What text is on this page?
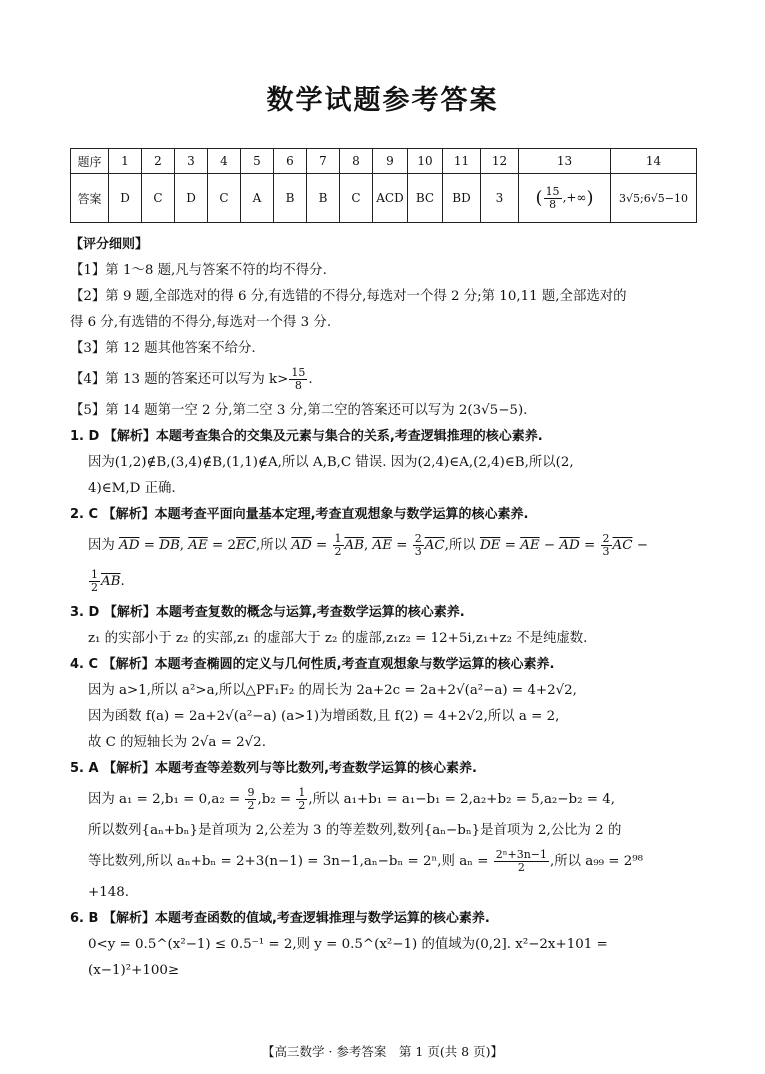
数学试题参考答案
题序	1	2	3	4	5	6	7	8	9	10	11	12	13	14
答案	D	C	D	C	A	B	B	C	ACD	BC	BD	3	( $\frac{15}{8}$ ,+∞)	3√5;6√5−10

【评分细则】

【1】第 1～8 题,凡与答案不符的均不得分.

【2】第 9 题,全部选对的得 6 分,有选错的不得分,每选对一个得 2 分;第 10,11 题,全部选对的

得 6 分,有选错的不得分,每选对一个得 3 分.

【3】第 12 题其他答案不给分.

【4】第 13 题的答案还可以写为 $k> \frac{15}{8}$ .

【5】第 14 题第一空 2 分,第二空 3 分,第二空的答案还可以写为 2(3√5−5).

1. D 【解析】本题考查集合的交集及元素与集合的关系,考查逻辑推理的核心素养.

因为(1,2)∉B,(3,4)∉B,(1,1)∉A,所以 A,B,C 错误. 因为(2,4)∈A,(2,4)∈B,所以(2,

4)∈M,D 正确.

2. C 【解析】本题考查平面向量基本定理,考查直观想象与数学运算的核心素养.

因为 $\overline{AD} = \overline{DB}$, $\overline{AE} = 2\overline{EC}$,所以 $\overline{AD} = \frac{1}{2} \overline{AB}$, $\overline{AE} = \frac{2}{3} \overline{AC}$,所以 $\overline{DE} = \overline{AE} - \overline{AD} = \frac{2}{3} \overline{AC}$ −

$\frac{1}{2} \overline{AB}$.

3. D 【解析】本题考查复数的概念与运算,考查数学运算的核心素养.

z₁ 的实部小于 z₂ 的实部,z₁ 的虚部大于 z₂ 的虚部,z₁z₂ = 12+5i,z₁+z₂ 不是纯虚数.

4. C 【解析】本题考查椭圆的定义与几何性质,考查直观想象与数学运算的核心素养.

因为 a>1,所以 a²>a,所以△PF₁F₂ 的周长为 2a+2c = 2a+2√(a²−a) = 4+2√2,

因为函数 f(a) = 2a+2√(a²−a) (a>1)为增函数,且 f(2) = 4+2√2,所以 a = 2,

故 C 的短轴长为 2√a = 2√2.

5. A 【解析】本题考查等差数列与等比数列,考查数学运算的核心素养.

因为 $a_1 = 2,b_1 = 0,a_2 = \frac{9}{2} ,b_2 = \frac{1}{2}$ ,所以 a₁+b₁ = a₁−b₁ = 2,a₂+b₂ = 5,a₂−b₂ = 4,

所以数列{aₙ+bₙ}是首项为 2,公差为 3 的等差数列,数列{aₙ−bₙ}是首项为 2,公比为 2 的

等比数列,所以 aₙ+bₙ = 2+3(n−1) = 3n−1,aₙ−bₙ = 2ⁿ,则 $a_n = \frac{\text{2ⁿ+3n−1}}{2}$ ,所以 a₉₉ = 2⁹⁸

+148.

6. B 【解析】本题考查函数的值域,考查逻辑推理与数学运算的核心素养.

0<y = 0.5^(x²−1) ≤ 0.5⁻¹ = 2,则 y = 0.5^(x²−1) 的值域为(0,2]. x²−2x+101 = (x−1)²+100≥

【高三数学 · 参考答案　第 1 页(共 8 页)】
